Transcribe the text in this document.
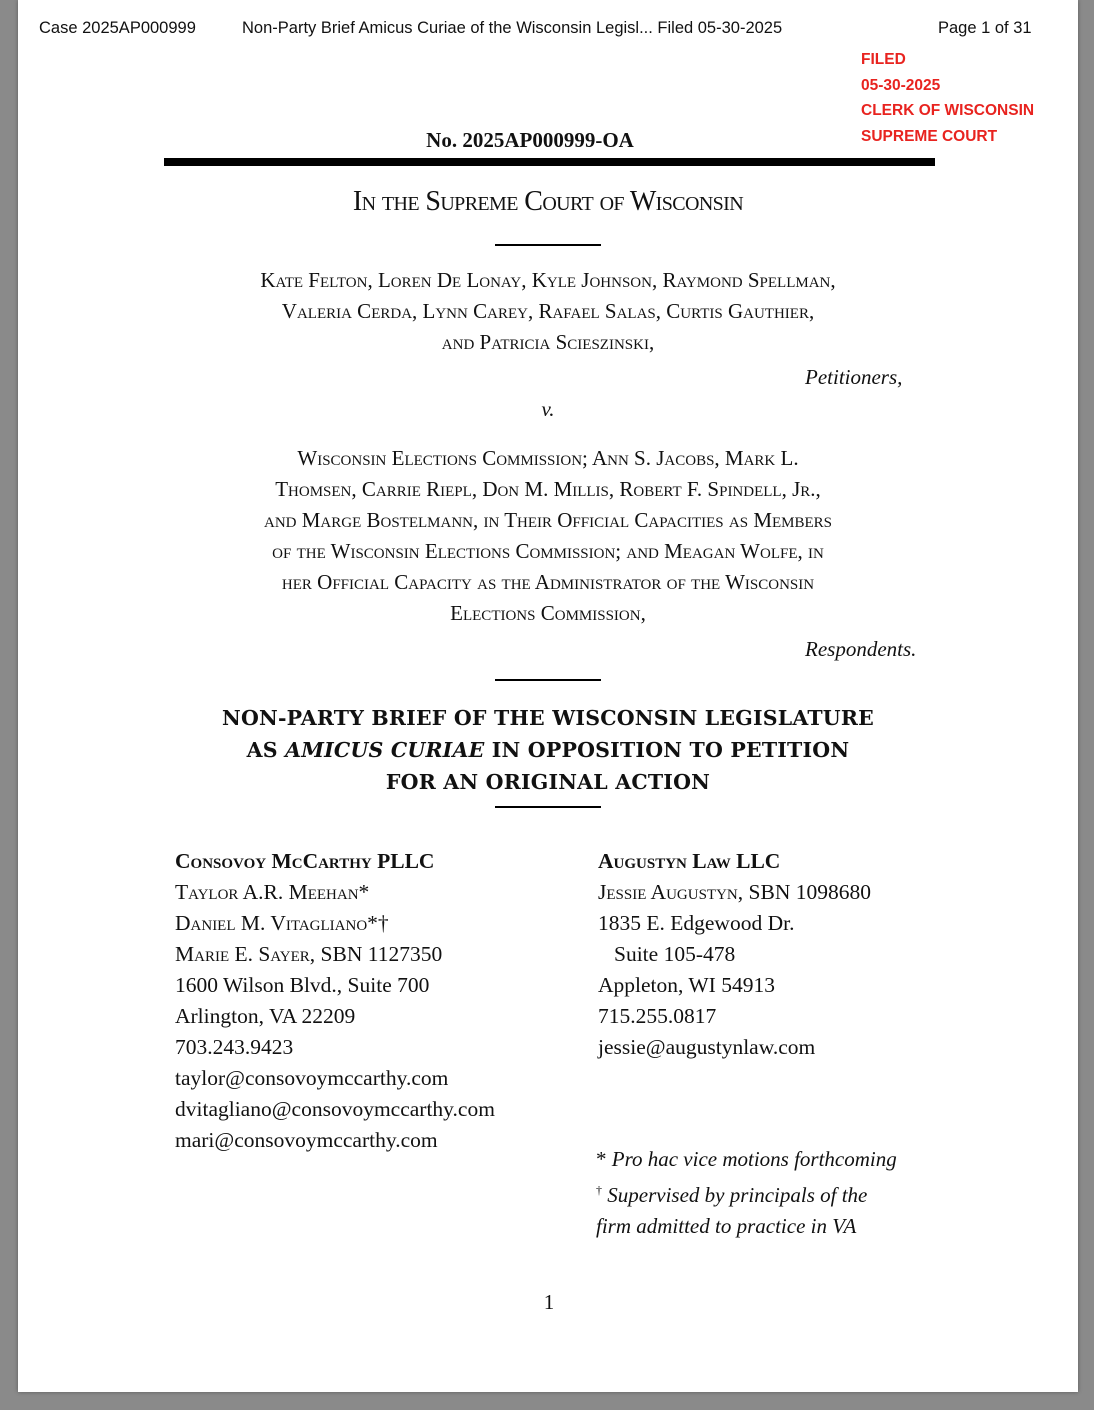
Case 2025AP000999	Non-Party Brief Amicus Curiae of the Wisconsin Legisl... Filed 05-30-2025	Page 1 of 31
FILED
05-30-2025
CLERK OF WISCONSIN
SUPREME COURT
No. 2025AP000999-OA
In the Supreme Court of Wisconsin
Kate Felton, Loren De Lonay, Kyle Johnson, Raymond Spellman,
Valeria Cerda, Lynn Carey, Rafael Salas, Curtis Gauthier,
and Patricia Scieszinski,
Petitioners,
v.
Wisconsin Elections Commission; Ann S. Jacobs, Mark L.
Thomsen, Carrie Riepl, Don M. Millis, Robert F. Spindell, Jr.,
and Marge Bostelmann, in Their Official Capacities as Members
of the Wisconsin Elections Commission; and Meagan Wolfe, in
her Official Capacity as the Administrator of the Wisconsin
Elections Commission,
Respondents.
NON-PARTY BRIEF OF THE WISCONSIN LEGISLATURE
AS AMICUS CURIAE IN OPPOSITION TO PETITION
FOR AN ORIGINAL ACTION
Consovoy McCarthy PLLC
Taylor A.R. Meehan*
Daniel M. Vitagliano*†
Marie E. Sayer, SBN 1127350
1600 Wilson Blvd., Suite 700
Arlington, VA 22209
703.243.9423
taylor@consovoymccarthy.com
dvitagliano@consovoymccarthy.com
mari@consovoymccarthy.com
Augustyn Law LLC
Jessie Augustyn, SBN 1098680
1835 E. Edgewood Dr.
Suite 105-478
Appleton, WI 54913
715.255.0817
jessie@augustynlaw.com
* Pro hac vice motions forthcoming
† Supervised by principals of the
firm admitted to practice in VA
1
